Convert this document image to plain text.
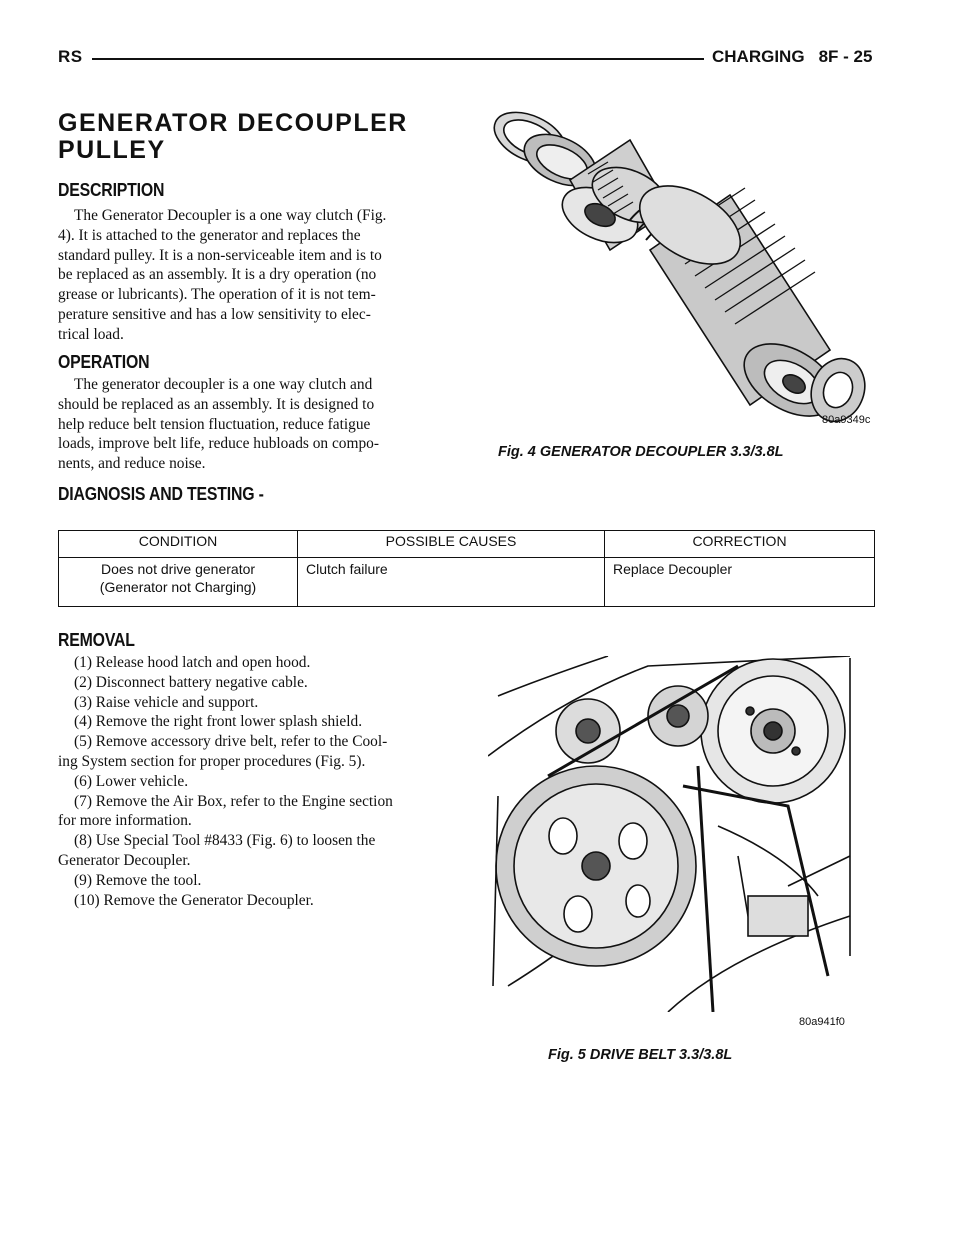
RS	CHARGING 8F - 25
GENERATOR DECOUPLER PULLEY
DESCRIPTION
The Generator Decoupler is a one way clutch (Fig.
4). It is attached to the generator and replaces the
standard pulley. It is a non-serviceable item and is to
be replaced as an assembly. It is a dry operation (no
grease or lubricants). The operation of it is not tem-
perature sensitive and has a low sensitivity to elec-
trical load.
OPERATION
The generator decoupler is a one way clutch and
should be replaced as an assembly. It is designed to
help reduce belt tension fluctuation, reduce fatigue
loads, improve belt life, reduce hubloads on compo-
nents, and reduce noise.
80a9349c
Fig. 4 GENERATOR DECOUPLER 3.3/3.8L
DIAGNOSIS AND TESTING -
CONDITION	POSSIBLE CAUSES	CORRECTION

Does not drive generator
(Generator not Charging)	Clutch failure	Replace Decoupler
REMOVAL
(1) Release hood latch and open hood.
(2) Disconnect battery negative cable.
(3) Raise vehicle and support.
(4) Remove the right front lower splash shield.
(5) Remove accessory drive belt, refer to the Cool-
ing System section for proper procedures (Fig. 5).
(6) Lower vehicle.
(7) Remove the Air Box, refer to the Engine section
for more information.
(8) Use Special Tool #8433 (Fig. 6) to loosen the
Generator Decoupler.
(9) Remove the tool.
(10) Remove the Generator Decoupler.
80a941f0
Fig. 5 DRIVE BELT 3.3/3.8L
